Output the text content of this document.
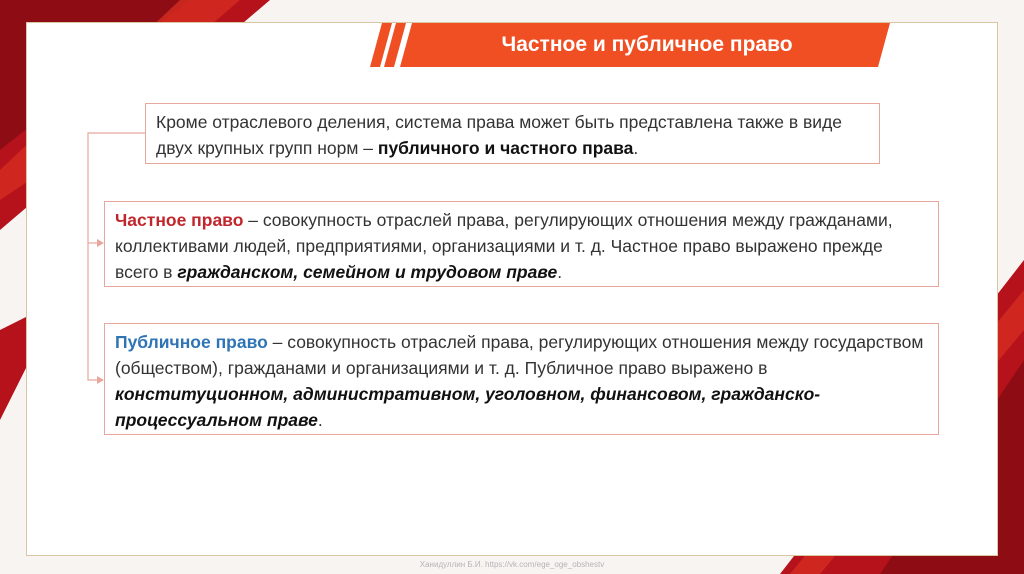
Частное и публичное право
Кроме отраслевого деления, система права может быть представлена также в виде двух крупных групп норм – публичного и частного права.
Частное право – совокупность отраслей права, регулирующих отношения между гражданами, коллективами людей, предприятиями, организациями и т. д. Частное право выражено прежде всего в гражданском, семейном и трудовом праве.
Публичное право – совокупность отраслей права, регулирующих отношения между государством (обществом), гражданами и организациями и т. д. Публичное право выражено в конституционном, административном, уголовном, финансовом, гражданско-процессуальном праве.
Ханидуллин Б.И. https://vk.com/ege_oge_obshestv
